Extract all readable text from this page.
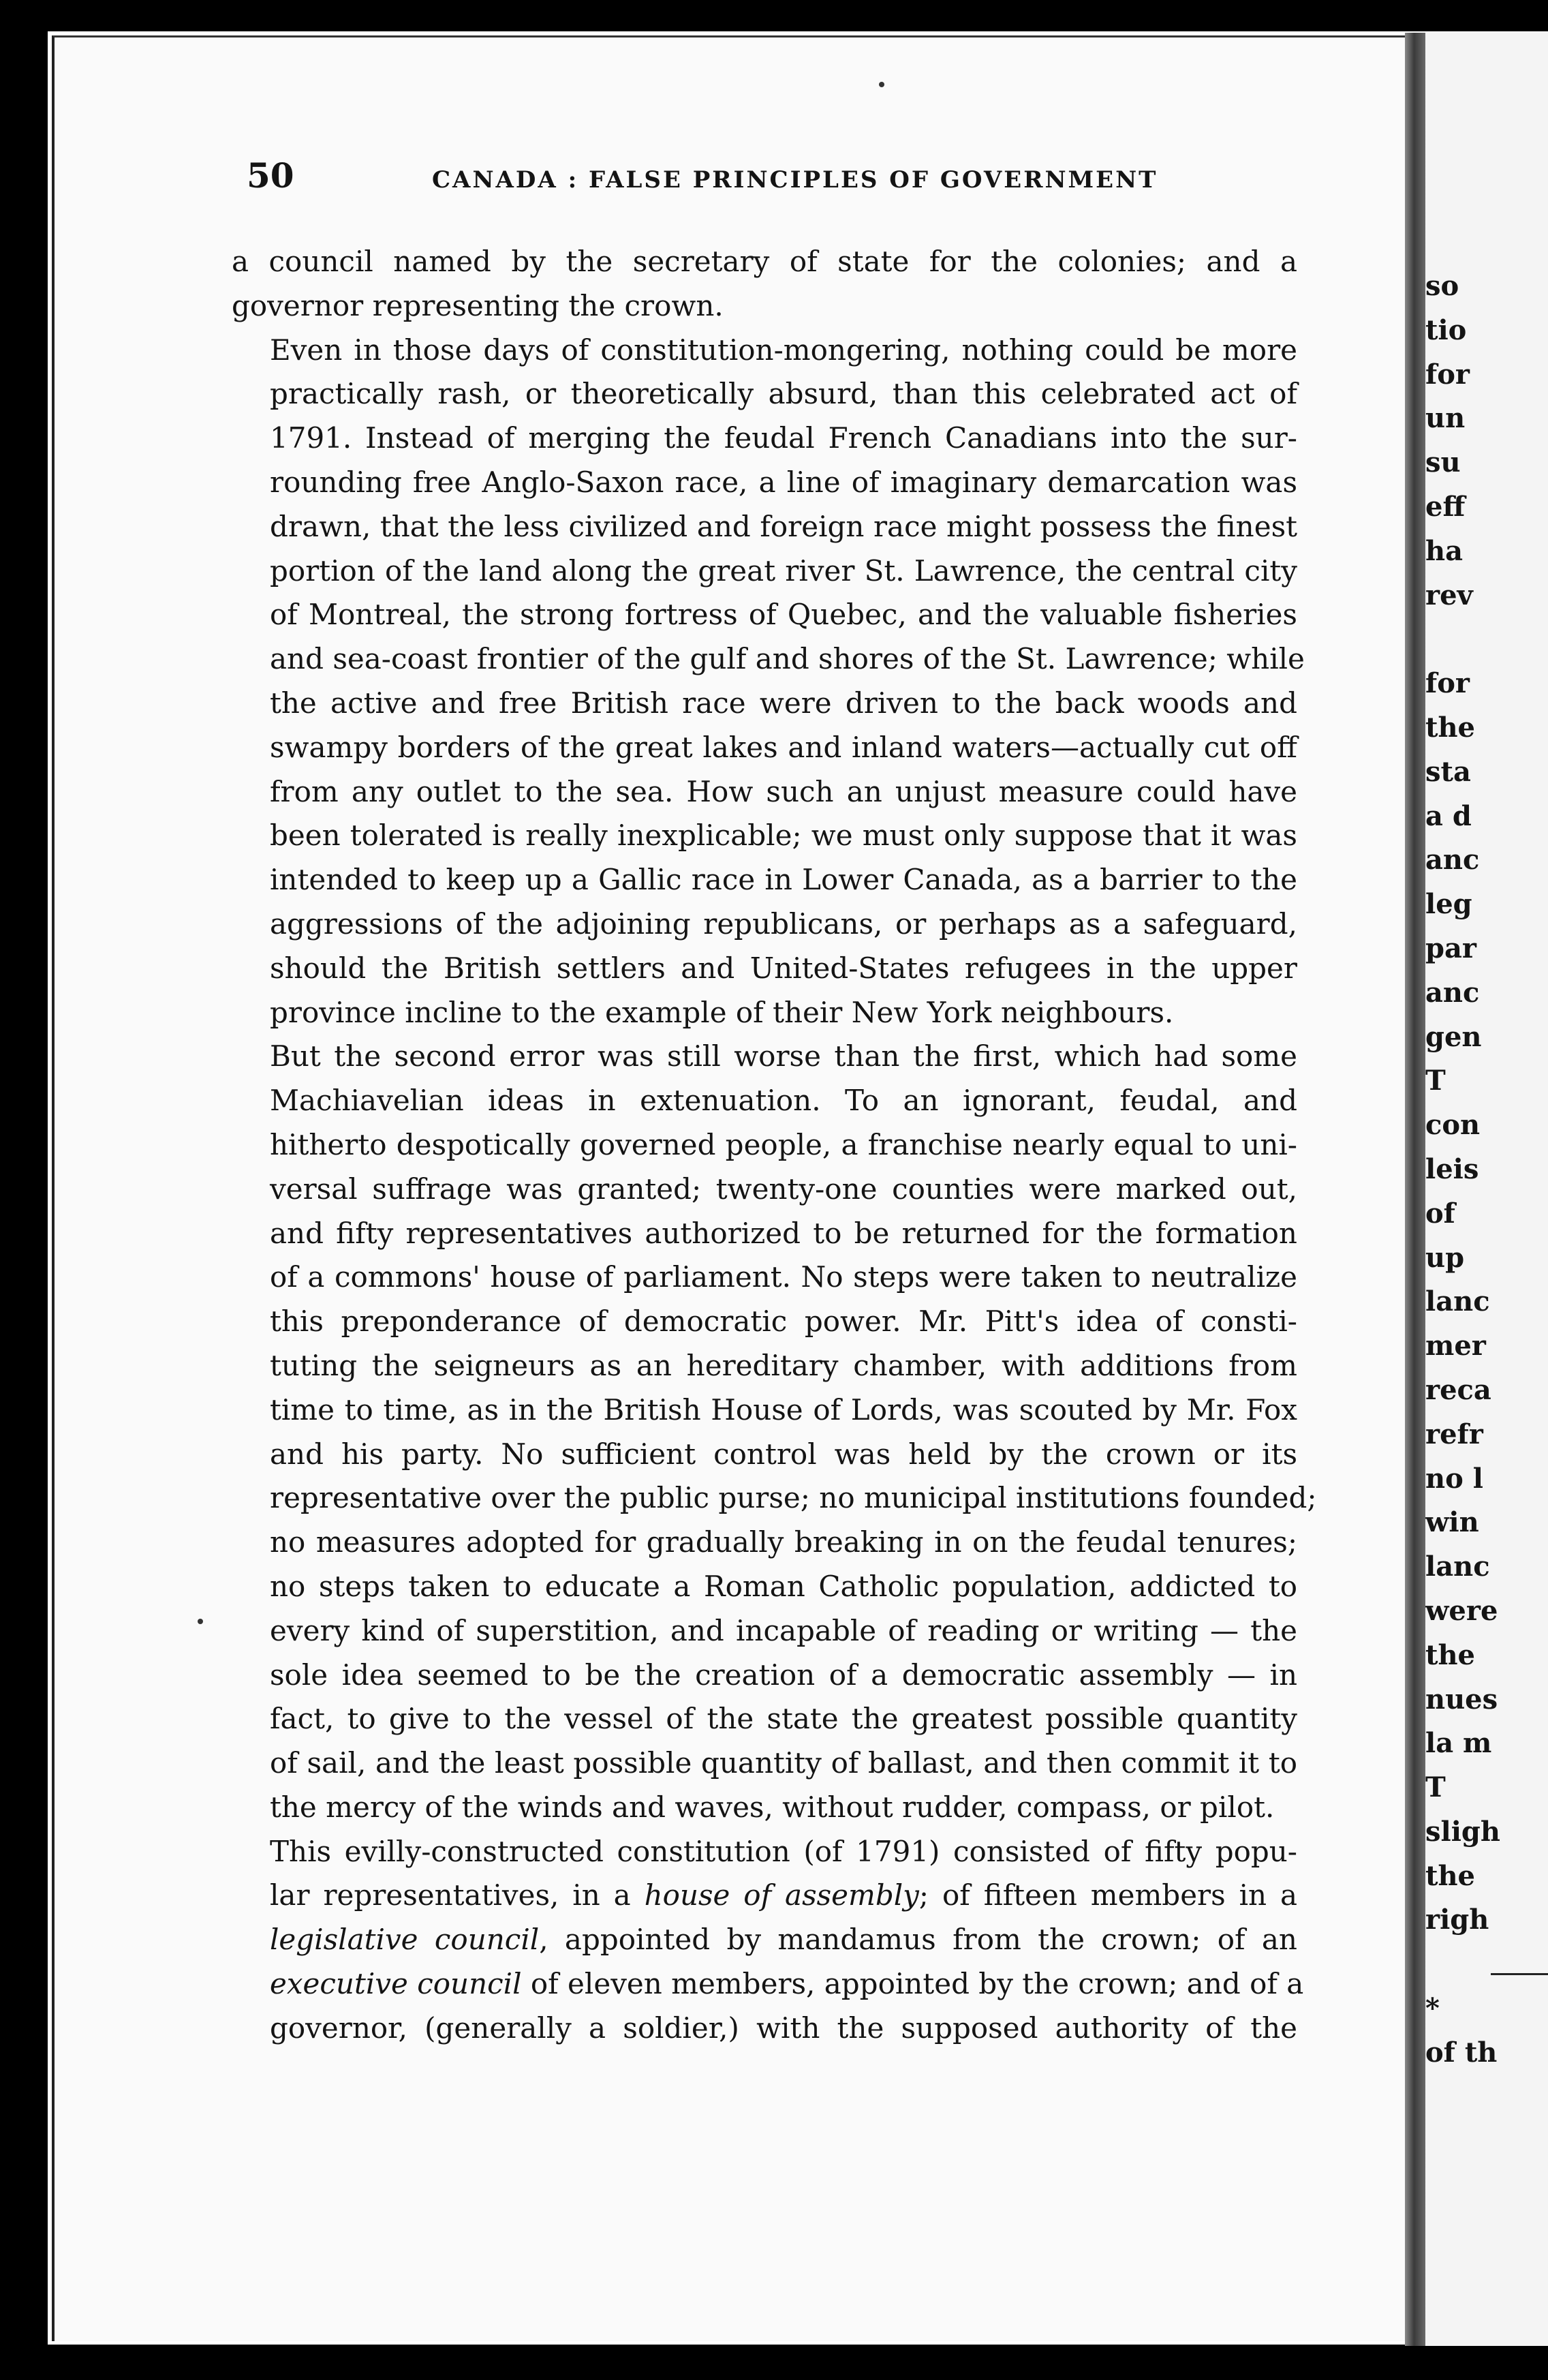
so
tio
for
un
su
eff
ha
rev

for
the
sta
a d
anc
leg
par
anc
gen
T
con
leis
of
up
lanc
mer
reca
refr
no l
win
lanc
were
the
nues
la m
T
sligh
the
righ

*
of th
50	CANADA : FALSE PRINCIPLES OF GOVERNMENT

a council named by the secretary of state for the colonies; and a
governor representing the crown.

Even in those days of constitution-mongering, nothing could be more
practically rash, or theoretically absurd, than this celebrated act of
1791. Instead of merging the feudal French Canadians into the sur-
rounding free Anglo-Saxon race, a line of imaginary demarcation was
drawn, that the less civilized and foreign race might possess the finest
portion of the land along the great river St. Lawrence, the central city
of Montreal, the strong fortress of Quebec, and the valuable fisheries
and sea-coast frontier of the gulf and shores of the St. Lawrence; while
the active and free British race were driven to the back woods and
swampy borders of the great lakes and inland waters—actually cut off
from any outlet to the sea. How such an unjust measure could have
been tolerated is really inexplicable; we must only suppose that it was
intended to keep up a Gallic race in Lower Canada, as a barrier to the
aggressions of the adjoining republicans, or perhaps as a safeguard,
should the British settlers and United-States refugees in the upper
province incline to the example of their New York neighbours.

But the second error was still worse than the first, which had some
Machiavelian ideas in extenuation. To an ignorant, feudal, and
hitherto despotically governed people, a franchise nearly equal to uni-
versal suffrage was granted; twenty-one counties were marked out,
and fifty representatives authorized to be returned for the formation
of a commons' house of parliament. No steps were taken to neutralize
this preponderance of democratic power. Mr. Pitt's idea of consti-
tuting the seigneurs as an hereditary chamber, with additions from
time to time, as in the British House of Lords, was scouted by Mr. Fox
and his party. No sufficient control was held by the crown or its
representative over the public purse; no municipal institutions founded;
no measures adopted for gradually breaking in on the feudal tenures;
no steps taken to educate a Roman Catholic population, addicted to
every kind of superstition, and incapable of reading or writing — the
sole idea seemed to be the creation of a democratic assembly — in
fact, to give to the vessel of the state the greatest possible quantity
of sail, and the least possible quantity of ballast, and then commit it to
the mercy of the winds and waves, without rudder, compass, or pilot.

This evilly-constructed constitution (of 1791) consisted of fifty popu-
lar representatives, in a house of assembly; of fifteen members in a
legislative council, appointed by mandamus from the crown; of an
executive council of eleven members, appointed by the crown; and of a
governor, (generally a soldier,) with the supposed authority of the
